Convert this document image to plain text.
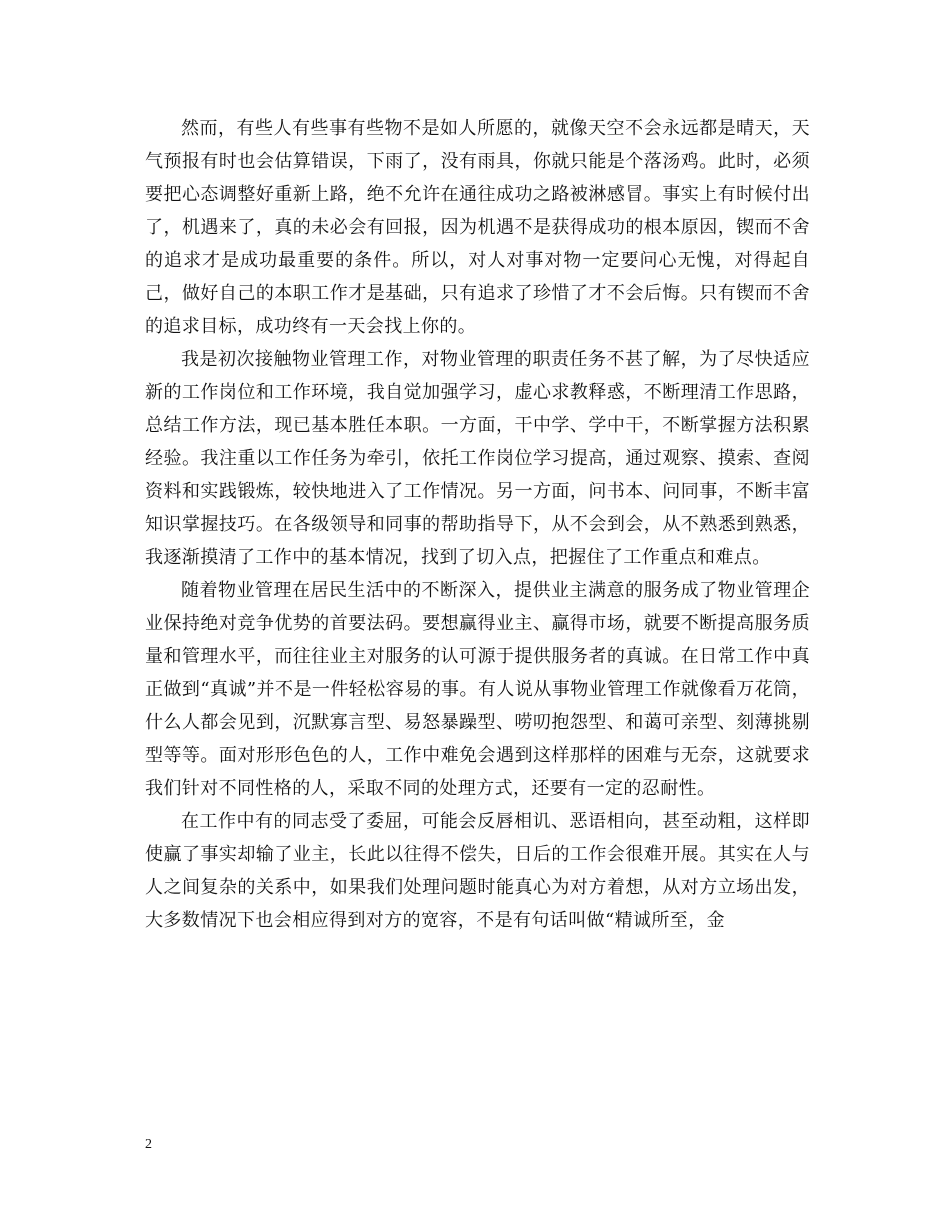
然而，有些人有些事有些物不是如人所愿的，就像天空不会永远都是晴天，天气预报有时也会估算错误，下雨了，没有雨具，你就只能是个落汤鸡。此时，必须要把心态调整好重新上路，绝不允许在通往成功之路被淋感冒。事实上有时候付出了，机遇来了，真的未必会有回报，因为机遇不是获得成功的根本原因，锲而不舍的追求才是成功最重要的条件。所以，对人对事对物一定要问心无愧，对得起自己，做好自己的本职工作才是基础，只有追求了珍惜了才不会后悔。只有锲而不舍的追求目标，成功终有一天会找上你的。

我是初次接触物业管理工作，对物业管理的职责任务不甚了解，为了尽快适应新的工作岗位和工作环境，我自觉加强学习，虚心求教释惑，不断理清工作思路，总结工作方法，现已基本胜任本职。一方面，干中学、学中干，不断掌握方法积累经验。我注重以工作任务为牵引，依托工作岗位学习提高，通过观察、摸索、查阅资料和实践锻炼，较快地进入了工作情况。另一方面，问书本、问同事，不断丰富知识掌握技巧。在各级领导和同事的帮助指导下，从不会到会，从不熟悉到熟悉，我逐渐摸清了工作中的基本情况，找到了切入点，把握住了工作重点和难点。

随着物业管理在居民生活中的不断深入，提供业主满意的服务成了物业管理企业保持绝对竞争优势的首要法码。要想赢得业主、赢得市场，就要不断提高服务质量和管理水平，而往往业主对服务的认可源于提供服务者的真诚。在日常工作中真正做到“真诚”并不是一件轻松容易的事。有人说从事物业管理工作就像看万花筒，什么人都会见到，沉默寡言型、易怒暴躁型、唠叨抱怨型、和蔼可亲型、刻薄挑剔型等等。面对形形色色的人，工作中难免会遇到这样那样的困难与无奈，这就要求我们针对不同性格的人，采取不同的处理方式，还要有一定的忍耐性。

在工作中有的同志受了委屈，可能会反唇相讥、恶语相向，甚至动粗，这样即使赢了事实却输了业主，长此以往得不偿失，日后的工作会很难开展。其实在人与人之间复杂的关系中，如果我们处理问题时能真心为对方着想，从对方立场出发，大多数情况下也会相应得到对方的宽容，不是有句话叫做“精诚所至，金

2
